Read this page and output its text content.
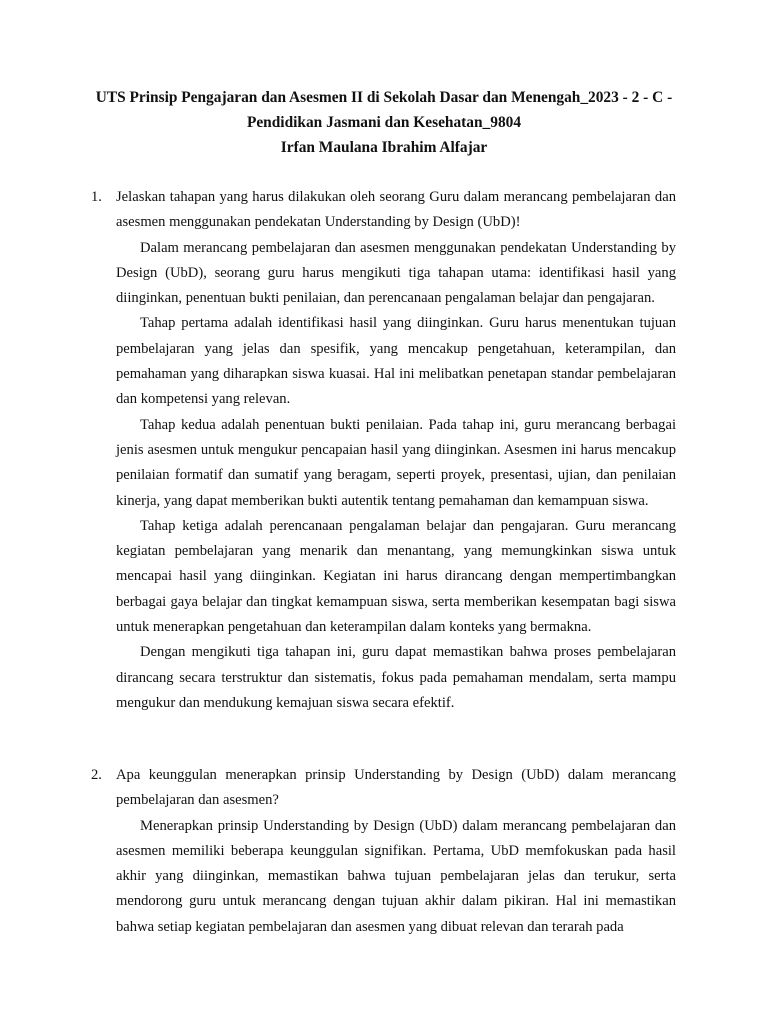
UTS Prinsip Pengajaran dan Asesmen II di Sekolah Dasar dan Menengah_2023 - 2 - C -
Pendidikan Jasmani dan Kesehatan_9804
Irfan Maulana Ibrahim Alfajar
1. Jelaskan tahapan yang harus dilakukan oleh seorang Guru dalam merancang pembelajaran dan asesmen menggunakan pendekatan Understanding by Design (UbD)!

Dalam merancang pembelajaran dan asesmen menggunakan pendekatan Understanding by Design (UbD), seorang guru harus mengikuti tiga tahapan utama: identifikasi hasil yang diinginkan, penentuan bukti penilaian, dan perencanaan pengalaman belajar dan pengajaran.

Tahap pertama adalah identifikasi hasil yang diinginkan. Guru harus menentukan tujuan pembelajaran yang jelas dan spesifik, yang mencakup pengetahuan, keterampilan, dan pemahaman yang diharapkan siswa kuasai. Hal ini melibatkan penetapan standar pembelajaran dan kompetensi yang relevan.

Tahap kedua adalah penentuan bukti penilaian. Pada tahap ini, guru merancang berbagai jenis asesmen untuk mengukur pencapaian hasil yang diinginkan. Asesmen ini harus mencakup penilaian formatif dan sumatif yang beragam, seperti proyek, presentasi, ujian, dan penilaian kinerja, yang dapat memberikan bukti autentik tentang pemahaman dan kemampuan siswa.

Tahap ketiga adalah perencanaan pengalaman belajar dan pengajaran. Guru merancang kegiatan pembelajaran yang menarik dan menantang, yang memungkinkan siswa untuk mencapai hasil yang diinginkan. Kegiatan ini harus dirancang dengan mempertimbangkan berbagai gaya belajar dan tingkat kemampuan siswa, serta memberikan kesempatan bagi siswa untuk menerapkan pengetahuan dan keterampilan dalam konteks yang bermakna.

Dengan mengikuti tiga tahapan ini, guru dapat memastikan bahwa proses pembelajaran dirancang secara terstruktur dan sistematis, fokus pada pemahaman mendalam, serta mampu mengukur dan mendukung kemajuan siswa secara efektif.

2. Apa keunggulan menerapkan prinsip Understanding by Design (UbD) dalam merancang pembelajaran dan asesmen?

Menerapkan prinsip Understanding by Design (UbD) dalam merancang pembelajaran dan asesmen memiliki beberapa keunggulan signifikan. Pertama, UbD memfokuskan pada hasil akhir yang diinginkan, memastikan bahwa tujuan pembelajaran jelas dan terukur, serta mendorong guru untuk merancang dengan tujuan akhir dalam pikiran. Hal ini memastikan bahwa setiap kegiatan pembelajaran dan asesmen yang dibuat relevan dan terarah pada
